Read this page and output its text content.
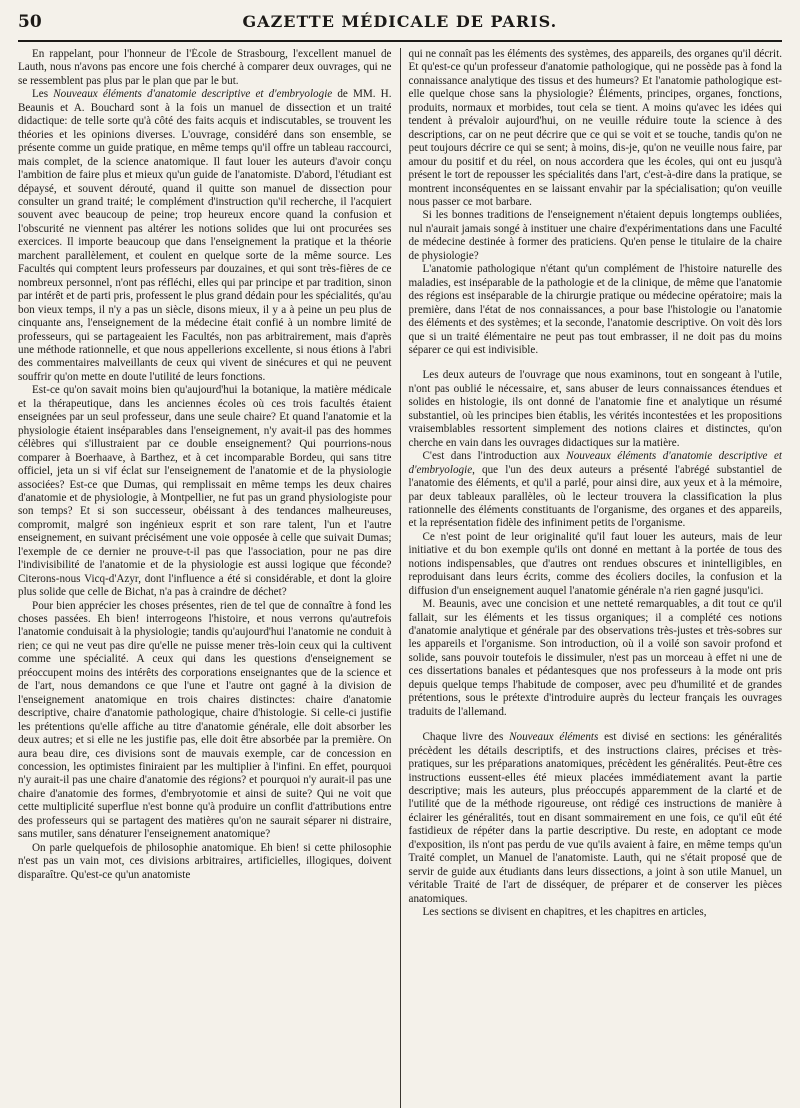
50	GAZETTE MÉDICALE DE PARIS.

En rappelant, pour l'honneur de l'École de Strasbourg, l'excellent manuel de Lauth, nous n'avons pas encore une fois cherché à comparer deux ouvrages, qui ne se ressemblent pas plus par le plan que par le but.

Les Nouveaux éléments d'anatomie descriptive et d'embryologie de MM. H. Beaunis et A. Bouchard sont à la fois un manuel de dissection et un traité didactique: de telle sorte qu'à côté des faits acquis et indiscutables, se trouvent les théories et les opinions diverses. L'ouvrage, considéré dans son ensemble, se présente comme un guide pratique, en même temps qu'il offre un tableau raccourci, mais complet, de la science anatomique. Il faut louer les auteurs d'avoir conçu l'ambition de faire plus et mieux qu'un guide de l'anatomiste. D'abord, l'étudiant est dépaysé, et souvent dérouté, quand il quitte son manuel de dissection pour consulter un grand traité; le complément d'instruction qu'il recherche, il l'acquiert souvent avec beaucoup de peine; trop heureux encore quand la confusion et l'obscurité ne viennent pas altérer les notions solides que lui ont procurées ses exercices. Il importe beaucoup que dans l'enseignement la pratique et la théorie marchent parallèlement, et coulent en quelque sorte de la même source. Les Facultés qui comptent leurs professeurs par douzaines, et qui sont très-fières de ce nombreux personnel, n'ont pas réfléchi, elles qui par principe et par tradition, sinon par intérêt et de parti pris, professent le plus grand dédain pour les spécialités, qu'au bon vieux temps, il n'y a pas un siècle, disons mieux, il y a à peine un peu plus de cinquante ans, l'enseignement de la médecine était confié à un nombre limité de professeurs, qui se partageaient les Facultés, non pas arbitrairement, mais d'après une méthode rationnelle, et que nous appellerions excellente, si nous étions à l'abri des commentaires malveillants de ceux qui vivent de sinécures et qui ne peuvent souffrir qu'on mette en doute l'utilité de leurs fonctions.

Est-ce qu'on savait moins bien qu'aujourd'hui la botanique, la matière médicale et la thérapeutique, dans les anciennes écoles où ces trois facultés étaient enseignées par un seul professeur, dans une seule chaire? Et quand l'anatomie et la physiologie étaient inséparables dans l'enseignement, n'y avait-il pas des hommes célèbres qui s'illustraient par ce double enseignement? Qui pourrions-nous comparer à Boerhaave, à Barthez, et à cet incomparable Bordeu, qui sans titre officiel, jeta un si vif éclat sur l'enseignement de l'anatomie et de la physiologie associées? Est-ce que Dumas, qui remplissait en même temps les deux chaires d'anatomie et de physiologie, à Montpellier, ne fut pas un grand physiologiste pour son temps? Et si son successeur, obéissant à des tendances malheureuses, compromit, malgré son ingénieux esprit et son rare talent, l'un et l'autre enseignement, en suivant précisément une voie opposée à celle que suivait Dumas; l'exemple de ce dernier ne prouve-t-il pas que l'association, pour ne pas dire l'indivisibilité de l'anatomie et de la physiologie est aussi logique que féconde? Citerons-nous Vicq-d'Azyr, dont l'influence a été si considérable, et dont la gloire plus solide que celle de Bichat, n'a pas à craindre de déchet?

Pour bien apprécier les choses présentes, rien de tel que de connaître à fond les choses passées. Eh bien! interrogeons l'histoire, et nous verrons qu'autrefois l'anatomie conduisait à la physiologie; tandis qu'aujourd'hui l'anatomie ne conduit à rien; ce qui ne veut pas dire qu'elle ne puisse mener très-loin ceux qui la cultivent comme une spécialité. A ceux qui dans les questions d'enseignement se préoccupent moins des intérêts des corporations enseignantes que de la science et de l'art, nous demandons ce que l'une et l'autre ont gagné à la division de l'enseignement anatomique en trois chaires distinctes: chaire d'anatomie descriptive, chaire d'anatomie pathologique, chaire d'histologie. Si celle-ci justifie les prétentions qu'elle affiche au titre d'anatomie générale, elle doit absorber les deux autres; et si elle ne les justifie pas, elle doit être absorbée par la première. On aura beau dire, ces divisions sont de mauvais exemple, car de concession en concession, les optimistes finiraient par les multiplier à l'infini. En effet, pourquoi n'y aurait-il pas une chaire d'anatomie des régions? et pourquoi n'y aurait-il pas une chaire d'anatomie des formes, d'embryotomie et ainsi de suite? Qui ne voit que cette multiplicité superflue n'est bonne qu'à produire un conflit d'attributions entre des professeurs qui se partagent des matières qu'on ne saurait séparer ni distraire, sans mutiler, sans dénaturer l'enseignement anatomique?

On parle quelquefois de philosophie anatomique. Eh bien! si cette philosophie n'est pas un vain mot, ces divisions arbitraires, artificielles, illogiques, doivent disparaître. Qu'est-ce qu'un anatomiste

qui ne connaît pas les éléments des systèmes, des appareils, des organes qu'il décrit. Et qu'est-ce qu'un professeur d'anatomie pathologique, qui ne possède pas à fond la connaissance analytique des tissus et des humeurs? Et l'anatomie pathologique est-elle quelque chose sans la physiologie? Éléments, principes, organes, fonctions, produits, normaux et morbides, tout cela se tient. A moins qu'avec les idées qui tendent à prévaloir aujourd'hui, on ne veuille réduire toute la science à des descriptions, car on ne peut décrire que ce qui se voit et se touche, tandis qu'on ne peut toujours décrire ce qui se sent; à moins, dis-je, qu'on ne veuille nous faire, par amour du positif et du réel, on nous accordera que les écoles, qui ont eu jusqu'à présent le tort de repousser les spécialités dans l'art, c'est-à-dire dans la pratique, se montrent inconséquentes en se laissant envahir par la spécialisation; qu'on veuille nous passer ce mot barbare.

Si les bonnes traditions de l'enseignement n'étaient depuis longtemps oubliées, nul n'aurait jamais songé à instituer une chaire d'expérimentations dans une Faculté de médecine destinée à former des praticiens. Qu'en pense le titulaire de la chaire de physiologie?

L'anatomie pathologique n'étant qu'un complément de l'histoire naturelle des maladies, est inséparable de la pathologie et de la clinique, de même que l'anatomie des régions est inséparable de la chirurgie pratique ou médecine opératoire; mais la première, dans l'état de nos connaissances, a pour base l'histologie ou l'anatomie des éléments et des systèmes; et la seconde, l'anatomie descriptive. On voit dès lors que si un traité élémentaire ne peut pas tout embrasser, il ne doit pas du moins séparer ce qui est indivisible.

Les deux auteurs de l'ouvrage que nous examinons, tout en songeant à l'utile, n'ont pas oublié le nécessaire, et, sans abuser de leurs connaissances étendues et solides en histologie, ils ont donné de l'anatomie fine et analytique un résumé substantiel, où les principes bien établis, les vérités incontestées et les propositions vraisemblables ressortent simplement des notions claires et distinctes, qu'on cherche en vain dans les ouvrages didactiques sur la matière.

C'est dans l'introduction aux Nouveaux éléments d'anatomie descriptive et d'embryologie, que l'un des deux auteurs a présenté l'abrégé substantiel de l'anatomie des éléments, et qu'il a parlé, pour ainsi dire, aux yeux et à la mémoire, par deux tableaux parallèles, où le lecteur trouvera la classification la plus rationnelle des éléments constituants de l'organisme, des organes et des appareils, et la représentation fidèle des infiniment petits de l'organisme.

Ce n'est point de leur originalité qu'il faut louer les auteurs, mais de leur initiative et du bon exemple qu'ils ont donné en mettant à la portée de tous des notions indispensables, que d'autres ont rendues obscures et inintelligibles, en reproduisant dans leurs écrits, comme des écoliers dociles, la confusion et la diffusion d'un enseignement auquel l'anatomie générale n'a rien gagné jusqu'ici.

M. Beaunis, avec une concision et une netteté remarquables, a dit tout ce qu'il fallait, sur les éléments et les tissus organiques; il a complété ces notions d'anatomie analytique et générale par des observations très-justes et très-sobres sur les appareils et l'organisme. Son introduction, où il a voilé son savoir profond et solide, sans pouvoir toutefois le dissimuler, n'est pas un morceau à effet ni une de ces dissertations banales et pédantesques que nos professeurs à la mode ont pris depuis quelque temps l'habitude de composer, avec peu d'humilité et de grandes prétentions, sous le prétexte d'introduire auprès du lecteur français les ouvrages traduits de l'allemand.

Chaque livre des Nouveaux éléments est divisé en sections: les généralités précèdent les détails descriptifs, et des instructions claires, précises et très-pratiques, sur les préparations anatomiques, précèdent les généralités. Peut-être ces instructions eussent-elles été mieux placées immédiatement avant la partie descriptive; mais les auteurs, plus préoccupés apparemment de la clarté et de l'utilité que de la méthode rigoureuse, ont rédigé ces instructions de manière à éclairer les généralités, tout en disant sommairement en une fois, ce qu'il eût été fastidieux de répéter dans la partie descriptive. Du reste, en adoptant ce mode d'exposition, ils n'ont pas perdu de vue qu'ils avaient à faire, en même temps qu'un Traité complet, un Manuel de l'anatomiste. Lauth, qui ne s'était proposé que de servir de guide aux étudiants dans leurs dissections, a joint à son utile Manuel, un véritable Traité de l'art de disséquer, de préparer et de conserver les pièces anatomiques.

Les sections se divisent en chapitres, et les chapitres en articles,
